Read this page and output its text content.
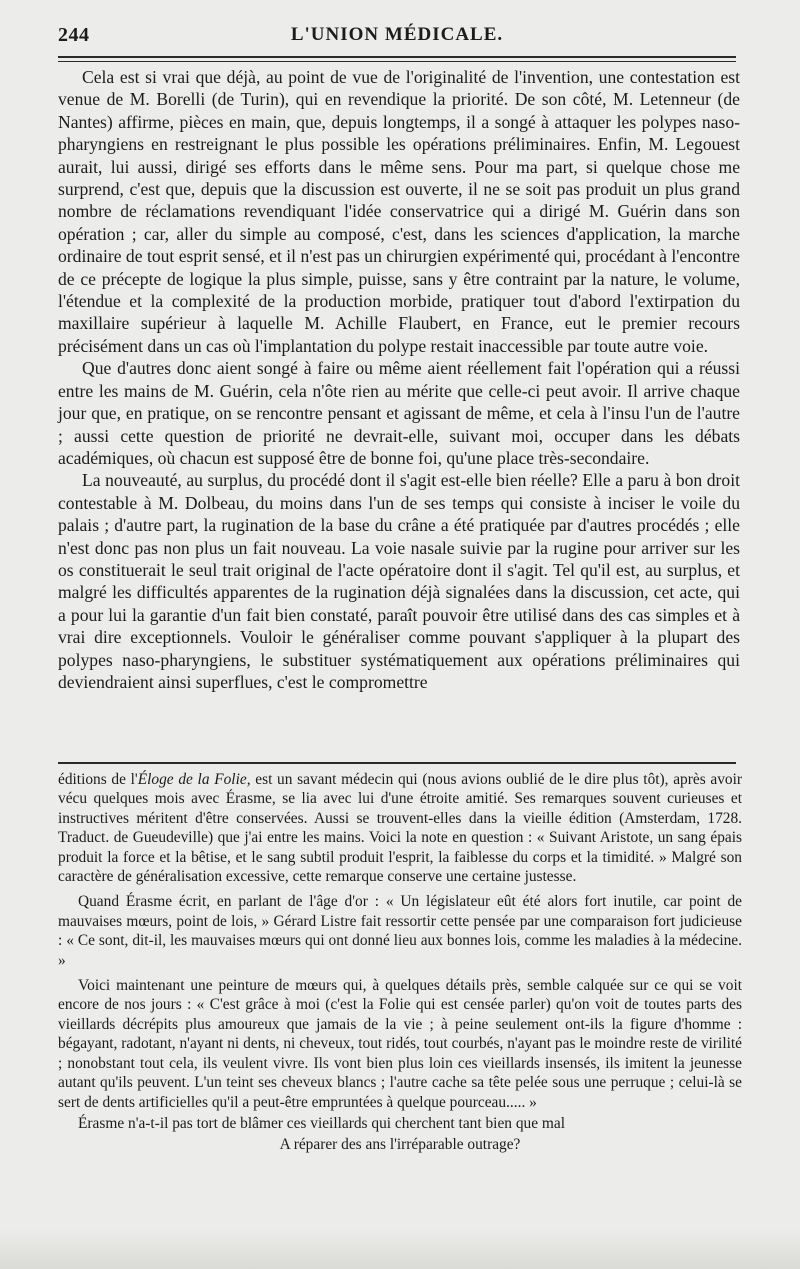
244	L'UNION MÉDICALE.

Cela est si vrai que déjà, au point de vue de l'originalité de l'invention, une contestation est venue de M. Borelli (de Turin), qui en revendique la priorité. De son côté, M. Letenneur (de Nantes) affirme, pièces en main, que, depuis longtemps, il a songé à attaquer les polypes naso-pharyngiens en restreignant le plus possible les opérations préliminaires. Enfin, M. Legouest aurait, lui aussi, dirigé ses efforts dans le même sens. Pour ma part, si quelque chose me surprend, c'est que, depuis que la discussion est ouverte, il ne se soit pas produit un plus grand nombre de réclamations revendiquant l'idée conservatrice qui a dirigé M. Guérin dans son opération ; car, aller du simple au composé, c'est, dans les sciences d'application, la marche ordinaire de tout esprit sensé, et il n'est pas un chirurgien expérimenté qui, procédant à l'encontre de ce précepte de logique la plus simple, puisse, sans y être contraint par la nature, le volume, l'étendue et la complexité de la production morbide, pratiquer tout d'abord l'extirpation du maxillaire supérieur à laquelle M. Achille Flaubert, en France, eut le premier recours précisément dans un cas où l'implantation du polype restait inaccessible par toute autre voie.

Que d'autres donc aient songé à faire ou même aient réellement fait l'opération qui a réussi entre les mains de M. Guérin, cela n'ôte rien au mérite que celle-ci peut avoir. Il arrive chaque jour que, en pratique, on se rencontre pensant et agissant de même, et cela à l'insu l'un de l'autre ; aussi cette question de priorité ne devrait-elle, suivant moi, occuper dans les débats académiques, où chacun est supposé être de bonne foi, qu'une place très-secondaire.

La nouveauté, au surplus, du procédé dont il s'agit est-elle bien réelle? Elle a paru à bon droit contestable à M. Dolbeau, du moins dans l'un de ses temps qui consiste à inciser le voile du palais ; d'autre part, la rugination de la base du crâne a été pratiquée par d'autres procédés ; elle n'est donc pas non plus un fait nouveau. La voie nasale suivie par la rugine pour arriver sur les os constituerait le seul trait original de l'acte opératoire dont il s'agit. Tel qu'il est, au surplus, et malgré les difficultés apparentes de la rugination déjà signalées dans la discussion, cet acte, qui a pour lui la garantie d'un fait bien constaté, paraît pouvoir être utilisé dans des cas simples et à vrai dire exceptionnels. Vouloir le généraliser comme pouvant s'appliquer à la plupart des polypes naso-pharyngiens, le substituer systématiquement aux opérations préliminaires qui deviendraient ainsi superflues, c'est le compromettre

éditions de l'Éloge de la Folie, est un savant médecin qui (nous avions oublié de le dire plus tôt), après avoir vécu quelques mois avec Érasme, se lia avec lui d'une étroite amitié. Ses remarques souvent curieuses et instructives méritent d'être conservées. Aussi se trouvent-elles dans la vieille édition (Amsterdam, 1728. Traduct. de Gueudeville) que j'ai entre les mains. Voici la note en question : « Suivant Aristote, un sang épais produit la force et la bêtise, et le sang subtil produit l'esprit, la faiblesse du corps et la timidité. » Malgré son caractère de généralisation excessive, cette remarque conserve une certaine justesse.

Quand Érasme écrit, en parlant de l'âge d'or : « Un législateur eût été alors fort inutile, car point de mauvaises mœurs, point de lois, » Gérard Listre fait ressortir cette pensée par une comparaison fort judicieuse : « Ce sont, dit-il, les mauvaises mœurs qui ont donné lieu aux bonnes lois, comme les maladies à la médecine. »

Voici maintenant une peinture de mœurs qui, à quelques détails près, semble calquée sur ce qui se voit encore de nos jours : « C'est grâce à moi (c'est la Folie qui est censée parler) qu'on voit de toutes parts des vieillards décrépits plus amoureux que jamais de la vie ; à peine seulement ont-ils la figure d'homme : bégayant, radotant, n'ayant ni dents, ni cheveux, tout ridés, tout courbés, n'ayant pas le moindre reste de virilité ; nonobstant tout cela, ils veulent vivre. Ils vont bien plus loin ces vieillards insensés, ils imitent la jeunesse autant qu'ils peuvent. L'un teint ses cheveux blancs ; l'autre cache sa tête pelée sous une perruque ; celui-là se sert de dents artificielles qu'il a peut-être empruntées à quelque pourceau..... »

Érasme n'a-t-il pas tort de blâmer ces vieillards qui cherchent tant bien que mal

A réparer des ans l'irréparable outrage?
